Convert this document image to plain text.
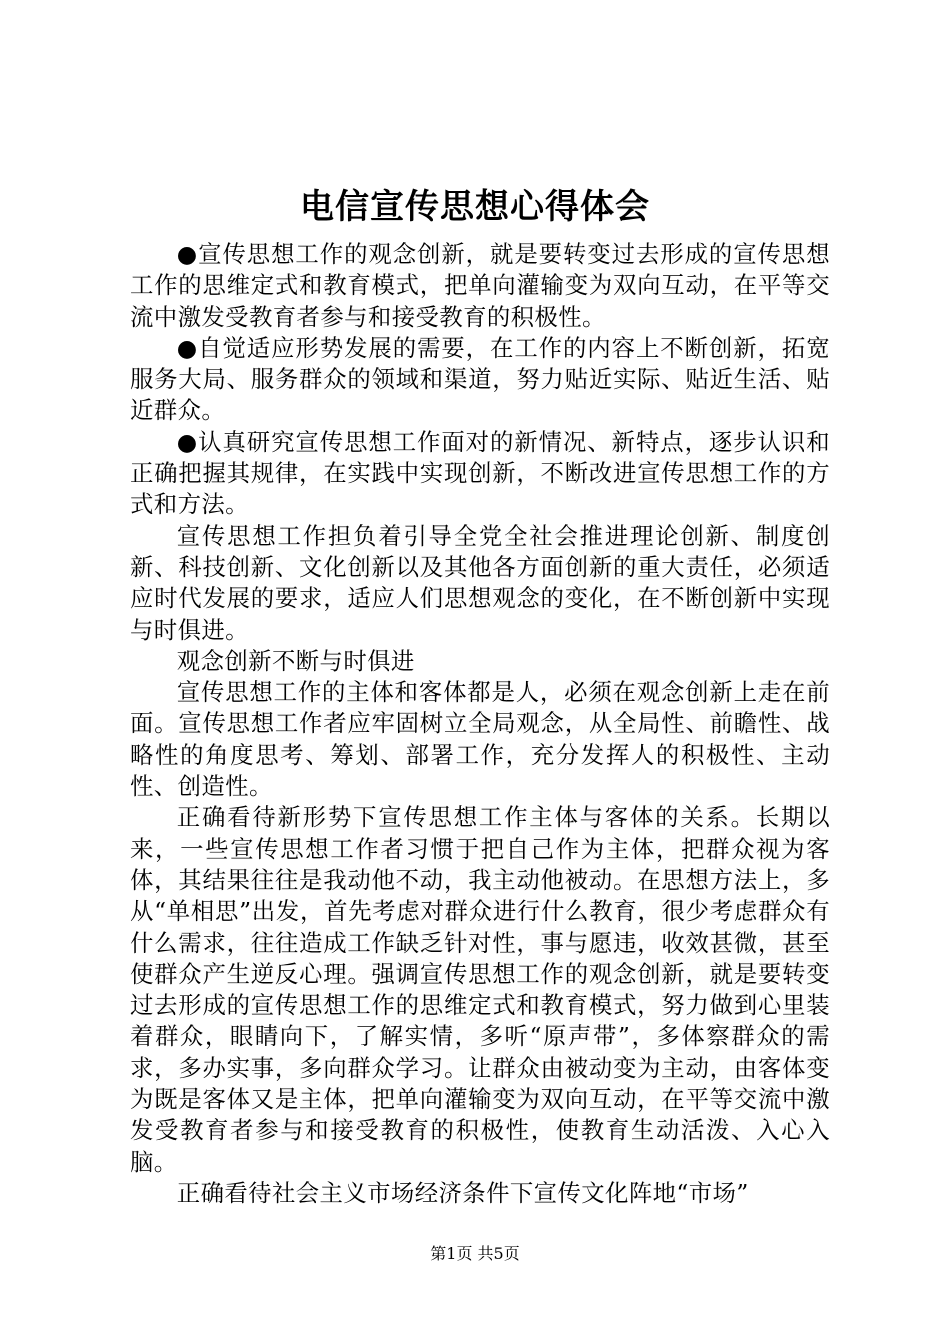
电信宣传思想心得体会

●宣传思想工作的观念创新，就是要转变过去形成的宣传思想工作的思维定式和教育模式，把单向灌输变为双向互动，在平等交流中激发受教育者参与和接受教育的积极性。

●自觉适应形势发展的需要，在工作的内容上不断创新，拓宽服务大局、服务群众的领域和渠道，努力贴近实际、贴近生活、贴近群众。

●认真研究宣传思想工作面对的新情况、新特点，逐步认识和正确把握其规律，在实践中实现创新，不断改进宣传思想工作的方式和方法。

宣传思想工作担负着引导全党全社会推进理论创新、制度创新、科技创新、文化创新以及其他各方面创新的重大责任，必须适应时代发展的要求，适应人们思想观念的变化，在不断创新中实现与时俱进。

观念创新不断与时俱进

宣传思想工作的主体和客体都是人，必须在观念创新上走在前面。宣传思想工作者应牢固树立全局观念，从全局性、前瞻性、战略性的角度思考、筹划、部署工作，充分发挥人的积极性、主动性、创造性。

正确看待新形势下宣传思想工作主体与客体的关系。长期以来，一些宣传思想工作者习惯于把自己作为主体，把群众视为客体，其结果往往是我动他不动，我主动他被动。在思想方法上，多从“单相思”出发，首先考虑对群众进行什么教育，很少考虑群众有什么需求，往往造成工作缺乏针对性，事与愿违，收效甚微，甚至使群众产生逆反心理。强调宣传思想工作的观念创新，就是要转变过去形成的宣传思想工作的思维定式和教育模式，努力做到心里装着群众，眼睛向下，了解实情，多听“原声带”，多体察群众的需求，多办实事，多向群众学习。让群众由被动变为主动，由客体变为既是客体又是主体，把单向灌输变为双向互动，在平等交流中激发受教育者参与和接受教育的积极性，使教育生动活泼、入心入脑。

正确看待社会主义市场经济条件下宣传文化阵地“市场”

第1页 共5页
